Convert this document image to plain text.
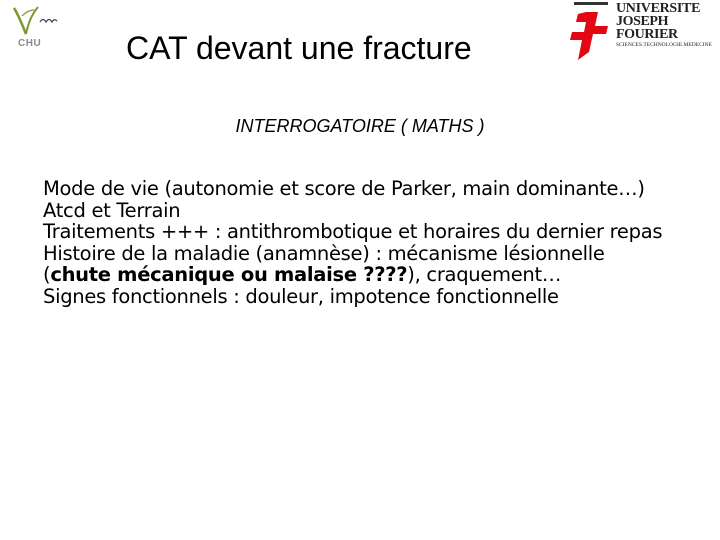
CHU	CAT devant une fracture
UNIVERSITE
JOSEPH FOURIER
SCIENCES.TECHNOLOGIE.MEDECINE
INTERROGATOIRE ( MATHS )

Mode de vie (autonomie et score de Parker, main dominante…)

Atcd et Terrain

Traitements +++ : antithrombotique et horaires du dernier repas

Histoire de la maladie (anamnèse) : mécanisme lésionnelle

(chute mécanique ou malaise ????), craquement…

Signes fonctionnels : douleur, impotence fonctionnelle
